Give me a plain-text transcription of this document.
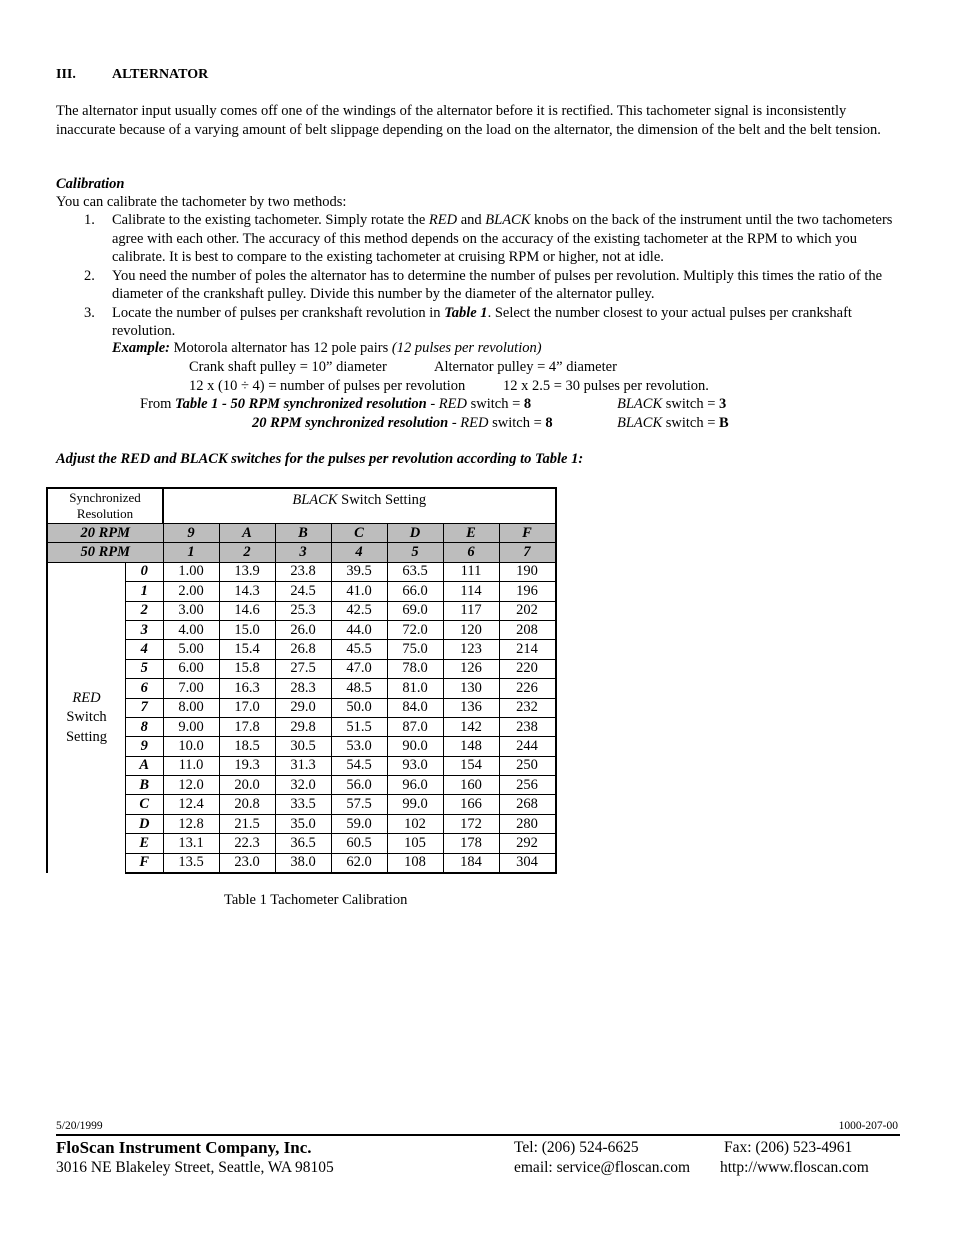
III.	ALTERNATOR
The alternator input usually comes off one of the windings of the alternator before it is rectified. This tachometer signal is inconsistently inaccurate because of a varying amount of belt slippage depending on the load on the alternator, the dimension of the belt and the belt tension.
Calibration
You can calibrate the tachometer by two methods:
1. Calibrate to the existing tachometer. Simply rotate the RED and BLACK knobs on the back of the instrument until the two tachometers agree with each other. The accuracy of this method depends on the accuracy of the existing tachometer at the RPM to which you calibrate. It is best to compare to the existing tachometer at cruising RPM or higher, not at idle.
2. You need the number of poles the alternator has to determine the number of pulses per revolution. Multiply this times the ratio of the diameter of the crankshaft pulley. Divide this number by the diameter of the alternator pulley.
3. Locate the number of pulses per crankshaft revolution in Table 1. Select the number closest to your actual pulses per crankshaft revolution.
Example: Motorola alternator has 12 pole pairs (12 pulses per revolution)
Crank shaft pulley = 10” diameter	Alternator pulley = 4” diameter
12 x (10 ÷ 4) = number of pulses per revolution	12 x 2.5 = 30 pulses per revolution.
From Table 1 - 50 RPM synchronized resolution - RED switch = 8	BLACK switch = 3
20 RPM synchronized resolution - RED switch = 8	BLACK switch = B
Adjust the RED and BLACK switches for the pulses per revolution according to Table 1:
Synchronized Resolution		BLACK Switch Setting						
20 RPM		9	A	B	C	D	E	F
50 RPM		1	2	3	4	5	6	7

RED
Switch
Setting	0	1.00	13.9	23.8	39.5	63.5	111	190
	1	2.00	14.3	24.5	41.0	66.0	114	196
	2	3.00	14.6	25.3	42.5	69.0	117	202
	3	4.00	15.0	26.0	44.0	72.0	120	208
	4	5.00	15.4	26.8	45.5	75.0	123	214
	5	6.00	15.8	27.5	47.0	78.0	126	220
	6	7.00	16.3	28.3	48.5	81.0	130	226
	7	8.00	17.0	29.0	50.0	84.0	136	232
	8	9.00	17.8	29.8	51.5	87.0	142	238
	9	10.0	18.5	30.5	53.0	90.0	148	244
	A	11.0	19.3	31.3	54.5	93.0	154	250
	B	12.0	20.0	32.0	56.0	96.0	160	256
	C	12.4	20.8	33.5	57.5	99.0	166	268
	D	12.8	21.5	35.0	59.0	102	172	280
	E	13.1	22.3	36.5	60.5	105	178	292
	F	13.5	23.0	38.0	62.0	108	184	304
Table 1 Tachometer Calibration
5/20/1999	1000-207-00
FloScan Instrument Company, Inc.
3016 NE Blakeley Street, Seattle, WA 98105
Tel: (206) 524-6625	Fax: (206) 523-4961
email: service@floscan.com http://www.floscan.com
